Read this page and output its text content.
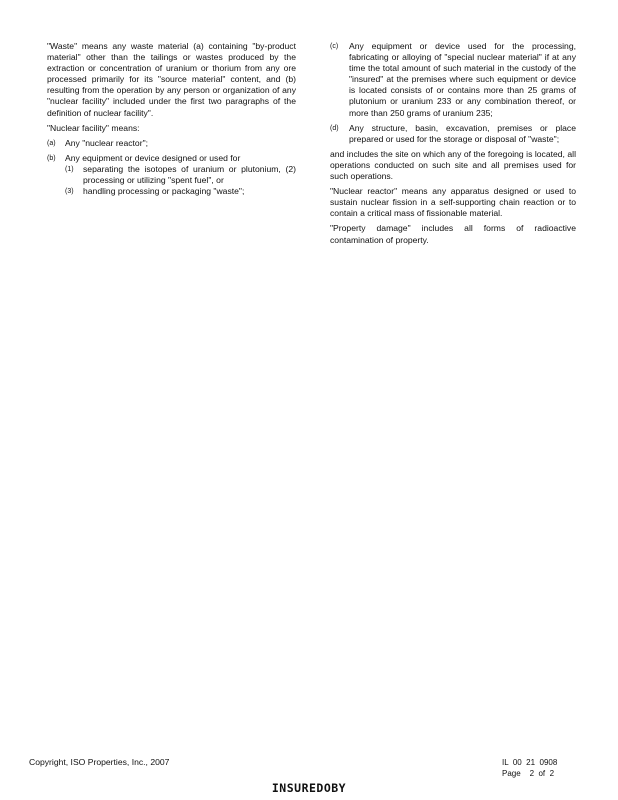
"Waste" means any waste material (a) containing "by-product material" other than the tailings or wastes produced by the extraction or concentration of uranium or thorium from any ore processed primarily for its "source material" content, and (b) resulting from the operation by any person or organization of any "nuclear facility" included under the first two paragraphs of the definition of nuclear facility".

"Nuclear facility" means:

(a) Any "nuclear reactor";
(b) Any equipment or device designed or used for
(1) separating the isotopes of uranium or plutonium, (2) processing or utilizing "spent fuel", or
(3) handling processing or packaging "waste";
(c) Any equipment or device used for the processing, fabricating or alloying of "special nuclear material" if at any time the total amount of such material in the custody of the "insured" at the premises where such equipment or device is located consists of or contains more than 25 grams of plutonium or uranium 233 or any combination thereof, or more than 250 grams of uranium 235;
(d) Any structure, basin, excavation, premises or place prepared or used for the storage or disposal of "waste";

and includes the site on which any of the foregoing is located, all operations conducted on such site and all premises used for such operations.

"Nuclear reactor" means any apparatus designed or used to sustain nuclear fission in a self-supporting chain reaction or to contain a critical mass of fissionable material.

"Property damage" includes all forms of radioactive contamination of property.

Copyright, ISO Properties, Inc., 2007	IL  00  21  0908
Page    2  of  2
INSUREDOBY
